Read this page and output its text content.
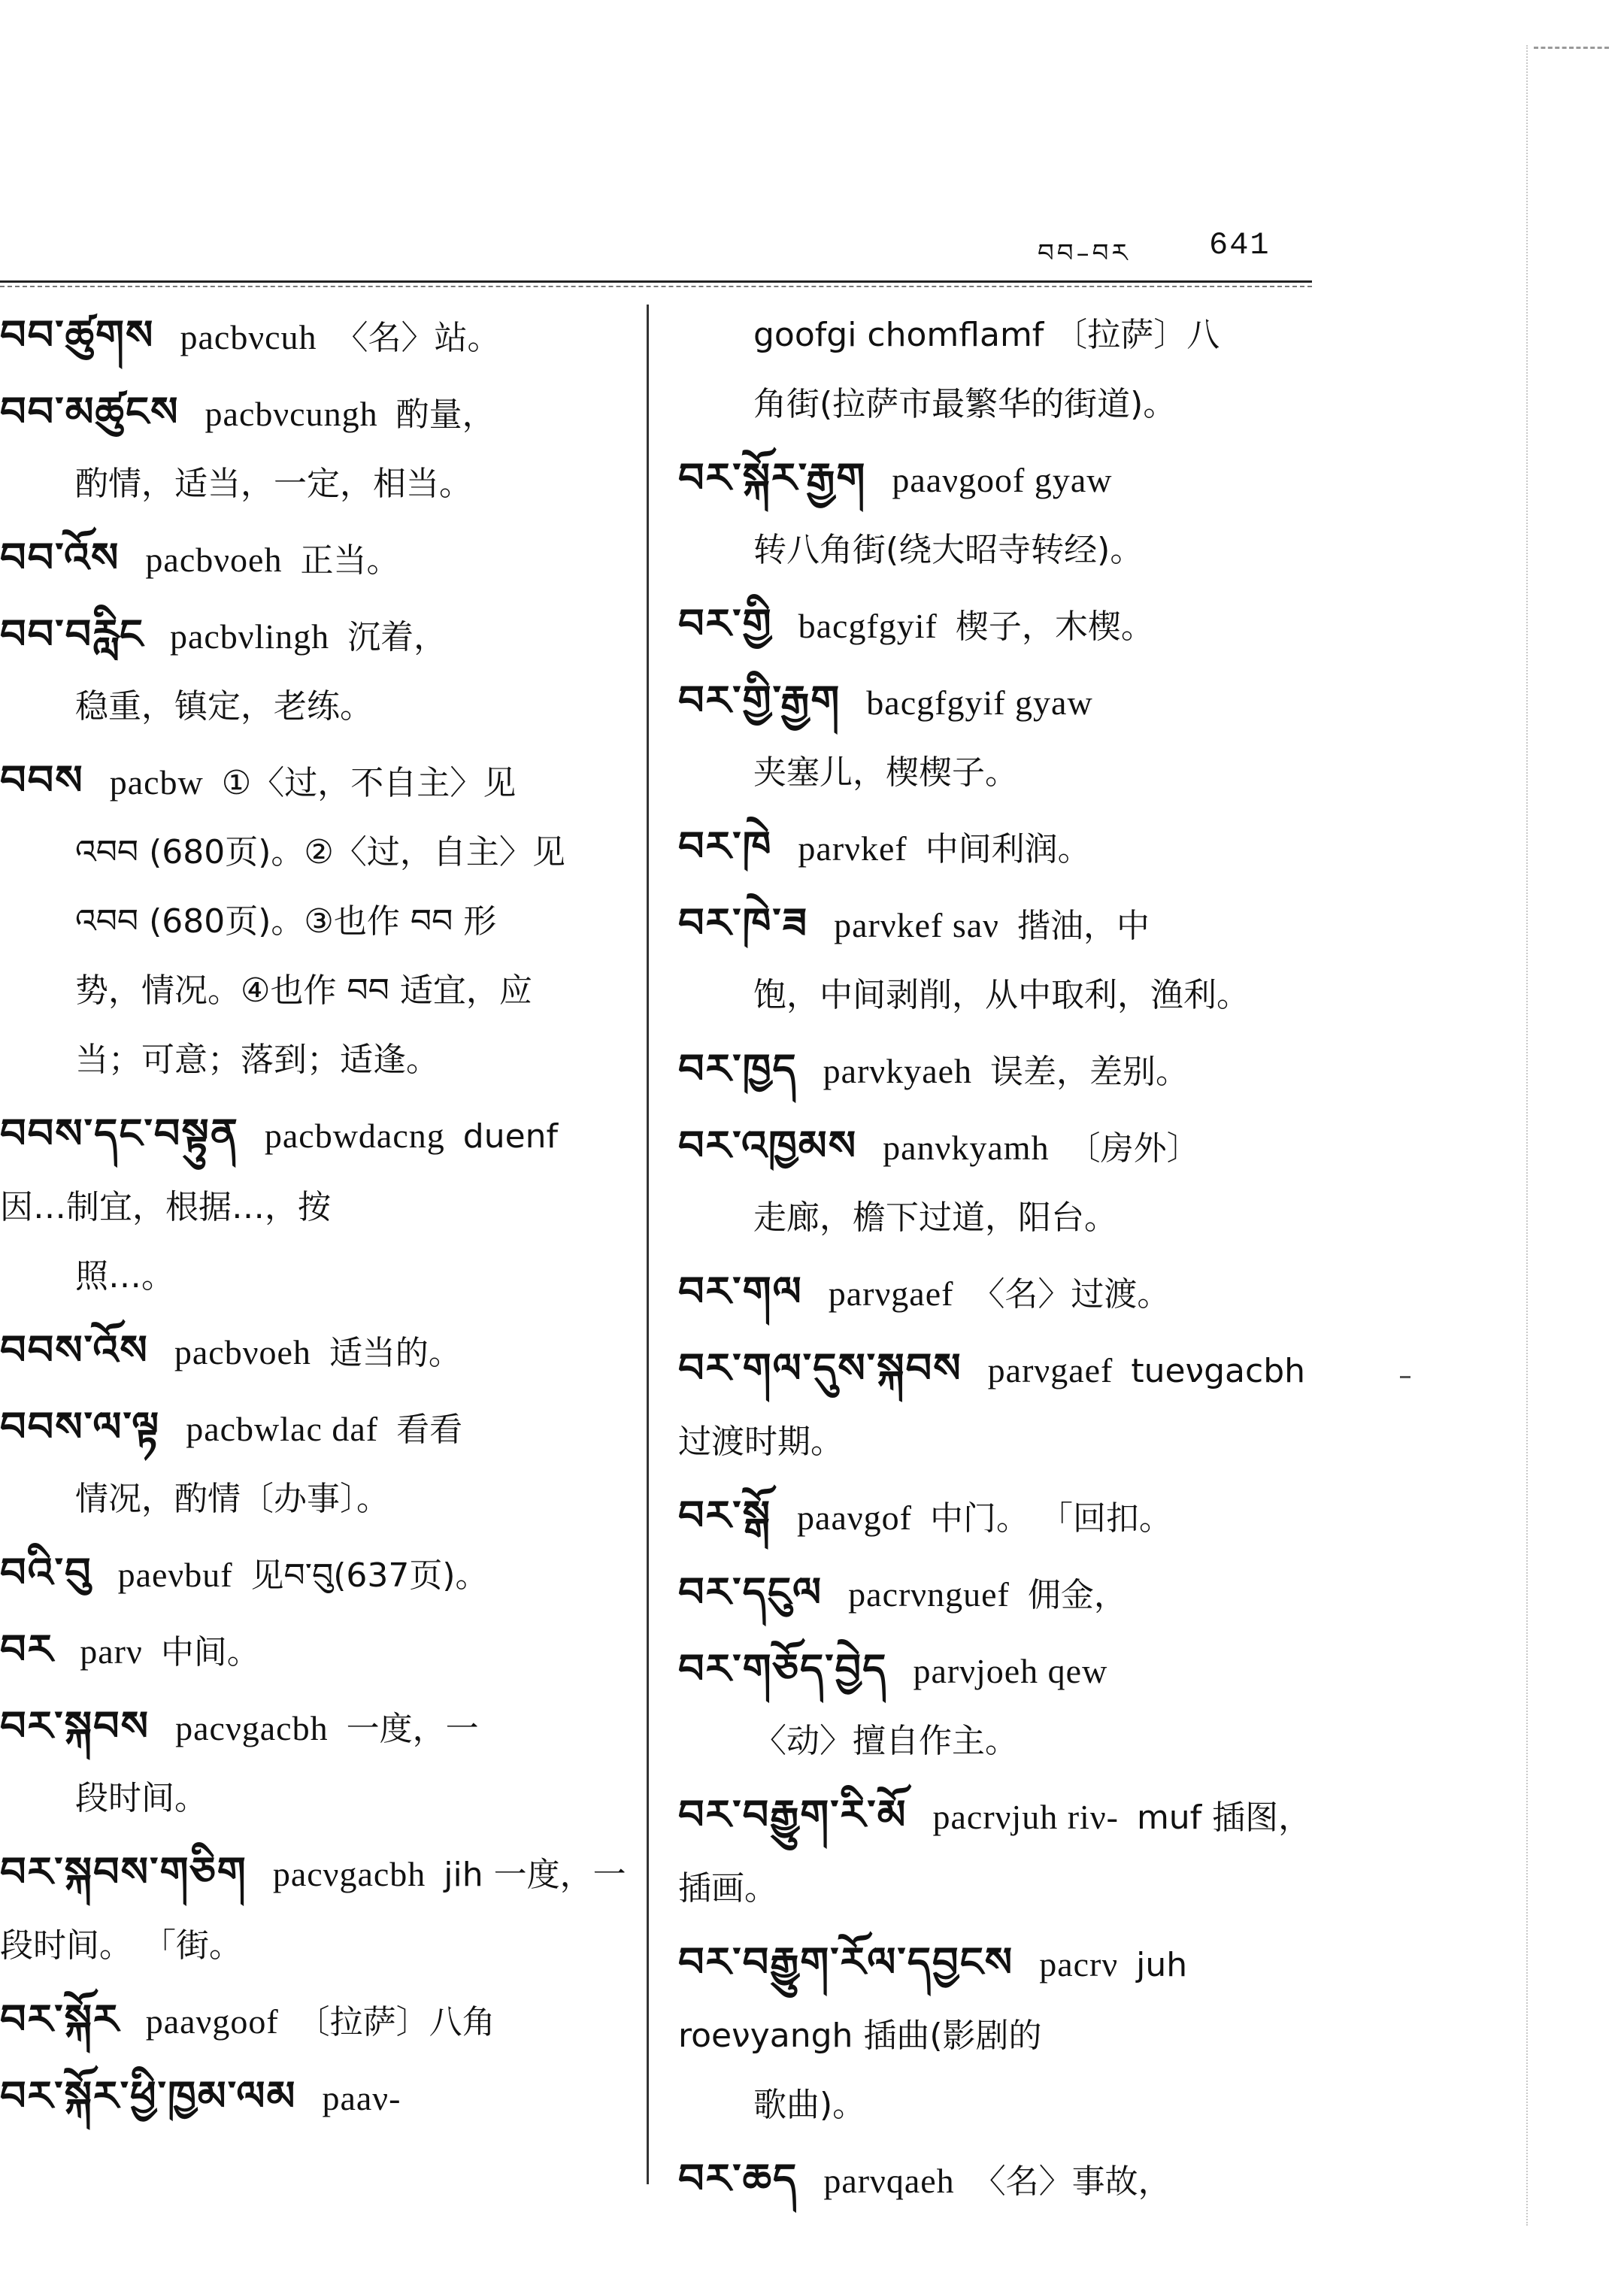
བབ–བར 641
བབ་ཚུགས pacbνcuh 〈名〉站。
བབ་མཚུངས pacbνcungh 酌量，
酌情，适当，一定，相当。
བབ་འོས pacbνoeh 正当。
བབ་བརླིང pacbνlingh 沉着，
稳重，镇定，老练。
བབས pacbw ①〈过，不自主〉见
འབབ (680页)。②〈过，自主〉见
འབབ (680页)。③也作 བབ 形
势，情况。④也作 བབ 适宜，应
当；可意；落到；适逢。
བབས་དང་བསྟུན pacbwdacng duenf 因…制宜，根据…，按
照…。
བབས་འོས pacbνoeh 适当的。
བབས་ལ་ལྟ pacbwlac daf 看看
情况，酌情〔办事〕。
བའི་བུ paeνbuf 见བ་བུ(637页)。
བར parν 中间。
བར་སྐབས pacνgacbh 一度，一
段时间。
བར་སྐབས་གཅིག pacνgacbh jih 一度，一段时间。 「街。
བར་སྐོར paaνgoof 〔拉萨〕八角
བར་སྐོར་ཕྱི་ཁྱམ་ལམ paaν-
goofgi chomflamf 〔拉萨〕八
角街(拉萨市最繁华的街道)。
བར་སྐོར་རྒྱག paaνgoof gyaw
转八角街(绕大昭寺转经)。
བར་གྱི bacgfgyif 楔子，木楔。
བར་གྱི་རྒྱག bacgfgyif gyaw
夹塞儿，楔楔子。
བར་ཁེ parνkef 中间利润。
བར་ཁེ་ཟ parνkef saν 揩油，中
饱，中间剥削，从中取利，渔利。
བར་ཁྱད parνkyaeh 误差，差别。
བར་འཁྱམས panνkyamh 〔房外〕
走廊，檐下过道，阳台。
བར་གལ parνgaef 〈名〉过渡。
བར་གལ་དུས་སྐབས parνgaef tueνgacbh 过渡时期。
བར་སྒོ paaνgof 中门。 「回扣。
བར་དངུལ pacrνnguef 佣金，
བར་གཅོད་བྱེད parνjoeh qew
〈动〉擅自作主。
བར་བརྒྱུག་རི་མོ pacrνjuh riν- muf 插图，插画。
བར་བརྒྱུག་རོལ་དབྱངས pacrν juh roeνyangh 插曲(影剧的
歌曲)。
བར་ཆད parνqaeh 〈名〉事故，
